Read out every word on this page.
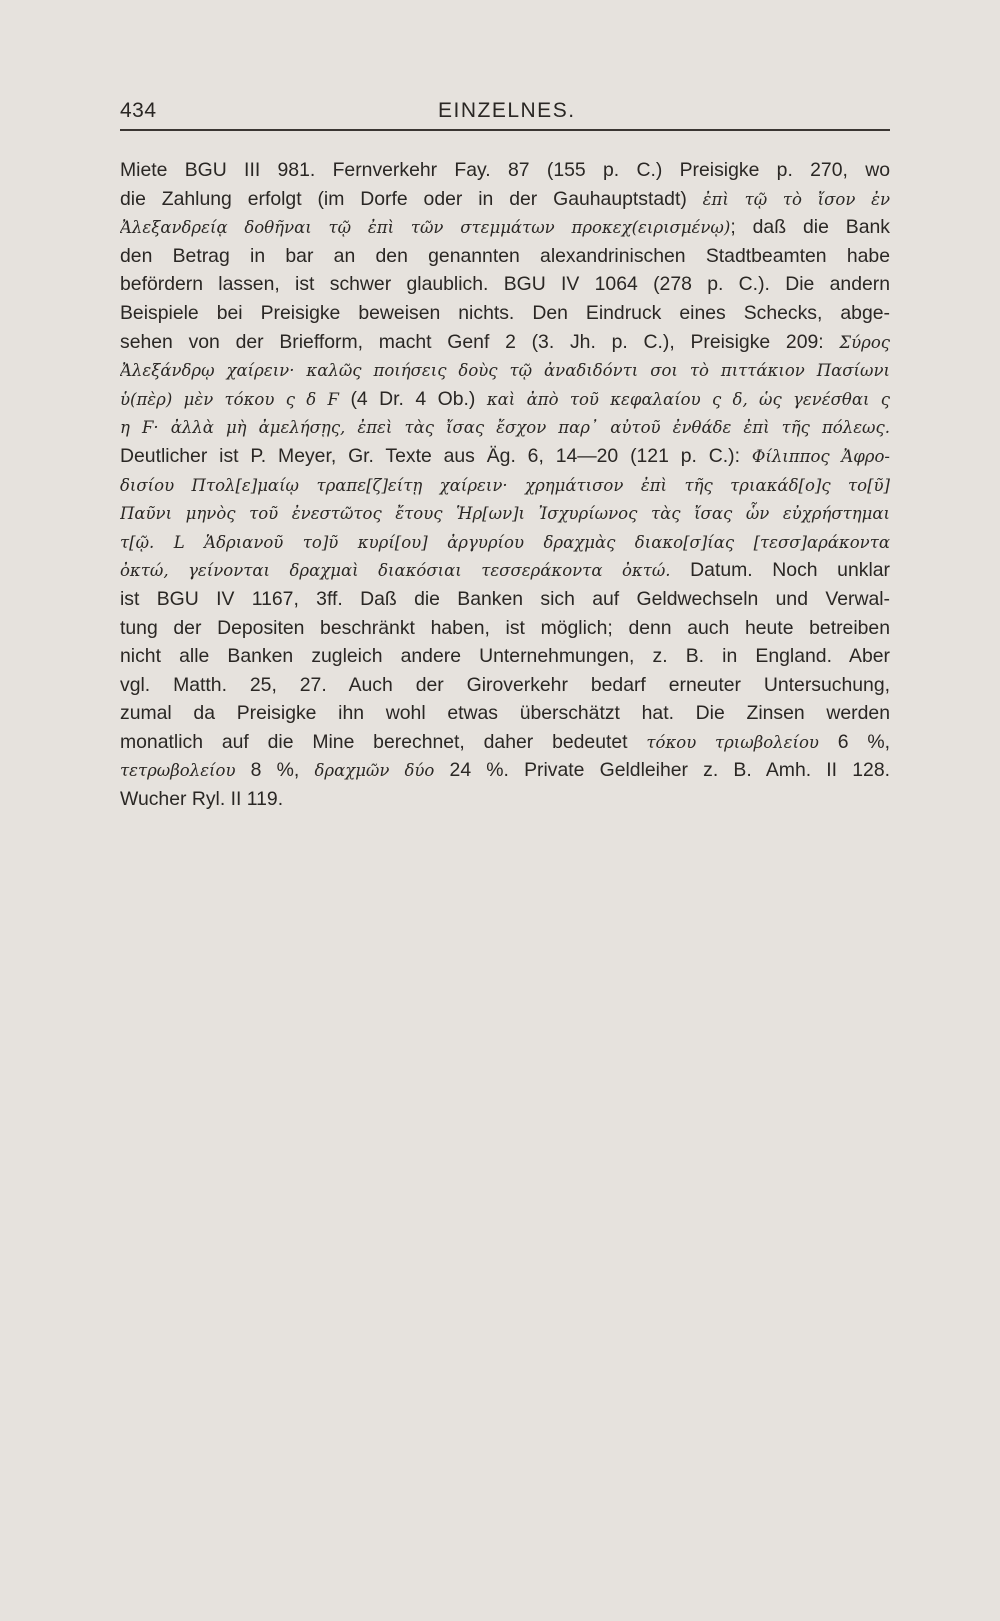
434	EINZELNES.
Miete BGU III 981. Fernverkehr Fay. 87 (155 p. C.) Preisigke p. 270, wo
die Zahlung erfolgt (im Dorfe oder in der Gauhauptstadt) ἐπὶ τῷ τὸ ἴσον ἐν
Ἀλεξανδρείᾳ δοθῆναι τῷ ἐπὶ τῶν στεμμάτων προκεχ(ειρισμένῳ); daß die Bank
den Betrag in bar an den genannten alexandrinischen Stadtbeamten habe
befördern lassen, ist schwer glaublich. BGU IV 1064 (278 p. C.). Die andern
Beispiele bei Preisigke beweisen nichts. Den Eindruck eines Schecks, abge-
sehen von der Briefform, macht Genf 2 (3. Jh. p. C.), Preisigke 209: Σύρος
Ἀλεξάνδρῳ χαίρειν· καλῶς ποιήσεις δοὺς τῷ ἀναδιδόντι σοι τὸ πιττάκιον Πασίωνι
ὑ(πὲρ) μὲν τόκου ς δ Ϝ (4 Dr. 4 Ob.) καὶ ἀπὸ τοῦ κεφαλαίου ς δ, ὡς γενέσθαι ς
η Ϝ· ἀλλὰ μὴ ἀμελήσῃς, ἐπεὶ τὰς ἴσας ἔσχον παρ᾽ αὐτοῦ ἐνθάδε ἐπὶ τῆς πόλεως.
Deutlicher ist P. Meyer, Gr. Texte aus Äg. 6, 14—20 (121 p. C.): Φίλιππος Ἀφρο-
δισίου Πτολ[ε]μαίῳ τραπε[ζ]είτῃ χαίρειν· χρημάτισον ἐπὶ τῆς τριακάδ[ο]ς το[ῦ]
Παῦνι μηνὸς τοῦ ἐνεστῶτος ἔτους Ἡρ[ων]ι Ἰσχυρίωνος τὰς ἴσας ὧν εὐχρήστημαι
τ[ῷ. L Ἁδριανοῦ το]ῦ κυρί[ου] ἀργυρίου δραχμὰς διακο[σ]ίας [τεσσ]αράκοντα
ὀκτώ, γείνονται δραχμαὶ διακόσιαι τεσσεράκοντα ὀκτώ. Datum. Noch unklar
ist BGU IV 1167, 3ff. Daß die Banken sich auf Geldwechseln und Verwal-
tung der Depositen beschränkt haben, ist möglich; denn auch heute betreiben
nicht alle Banken zugleich andere Unternehmungen, z. B. in England. Aber
vgl. Matth. 25, 27. Auch der Giroverkehr bedarf erneuter Untersuchung,
zumal da Preisigke ihn wohl etwas überschätzt hat. Die Zinsen werden
monatlich auf die Mine berechnet, daher bedeutet τόκου τριωβολείου 6 %,
τετρωβολείου 8 %, δραχμῶν δύο 24 %. Private Geldleiher z. B. Amh. II 128.
Wucher Ryl. II 119.
